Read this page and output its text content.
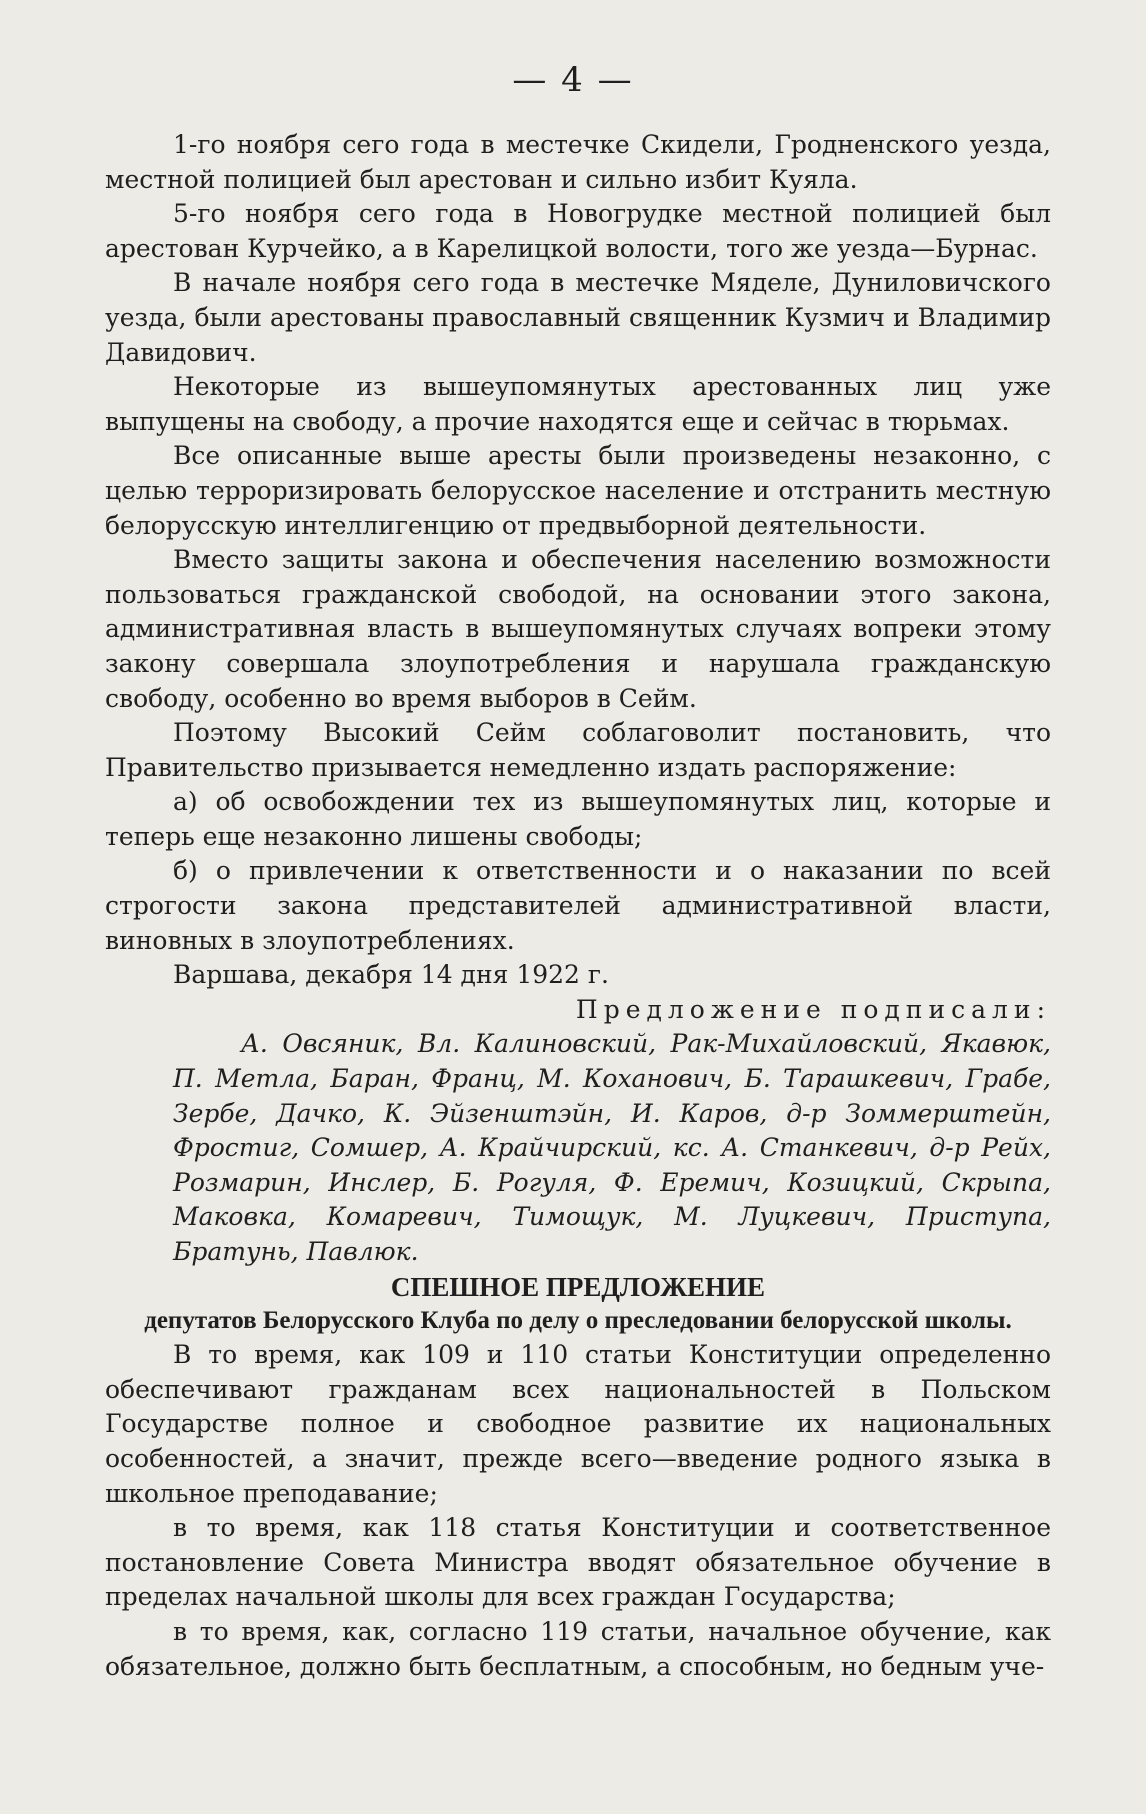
— 4 —

1-го ноября сего года в местечке Скидели, Гродненского уезда, местной полицией был арестован и сильно избит Куяла.

5-го ноября сего года в Новогрудке местной полицией был арестован Курчейко, а в Карелицкой волости, того же уезда—Бурнас.

В начале ноября сего года в местечке Мяделе, Дуниловичского уезда, были арестованы православный священник Кузмич и Владимир Давидович.

Некоторые из вышеупомянутых арестованных лиц уже выпущены на свободу, а прочие находятся еще и сейчас в тюрьмах.

Все описанные выше аресты были произведены незаконно, с целью терроризировать белорусское население и отстранить местную белорусскую интеллигенцию от предвыборной деятельности.

Вместо защиты закона и обеспечения населению возможности пользоваться гражданской свободой, на основании этого закона, административная власть в вышеупомянутых случаях вопреки этому закону совершала злоупотребления и нарушала гражданскую свободу, особенно во время выборов в Сейм.

Поэтому Высокий Сейм соблаговолит постановить, что Правительство призывается немедленно издать распоряжение:

а) об освобождении тех из вышеупомянутых лиц, которые и теперь еще незаконно лишены свободы;

б) о привлечении к ответственности и о наказании по всей строгости закона представителей административной власти, виновных в злоупотреблениях.

Варшава, декабря 14 дня 1922 г.

Предложение подписали:

А. Овсяник, Вл. Калиновский, Рак-Михайловский, Якавюк, П. Метла, Баран, Франц, М. Коханович, Б. Тарашкевич, Грабе, Зербе, Дачко, К. Эйзенштэйн, И. Каров, д-р Зоммерштейн, Фростиг, Сомшер, А. Крайчирский, кс. А. Станкевич, д-р Рейх, Розмарин, Инслер, Б. Рогуля, Ф. Еремич, Козицкий, Скрыпа, Маковка, Комаревич, Тимощук, М. Луцкевич, Приступа, Братунь, Павлюк.

СПЕШНОЕ ПРЕДЛОЖЕНИЕ

депутатов Белорусского Клуба по делу о преследовании белорусской школы.

В то время, как 109 и 110 статьи Конституции определенно обеспечивают гражданам всех национальностей в Польском Государстве полное и свободное развитие их национальных особенностей, а значит, прежде всего—введение родного языка в школьное преподавание;

в то время, как 118 статья Конституции и соответственное постановление Совета Министра вводят обязательное обучение в пределах начальной школы для всех граждан Государства;

в то время, как, согласно 119 статьи, начальное обучение, как обязательное, должно быть бесплатным, а способным, но бедным уче-
